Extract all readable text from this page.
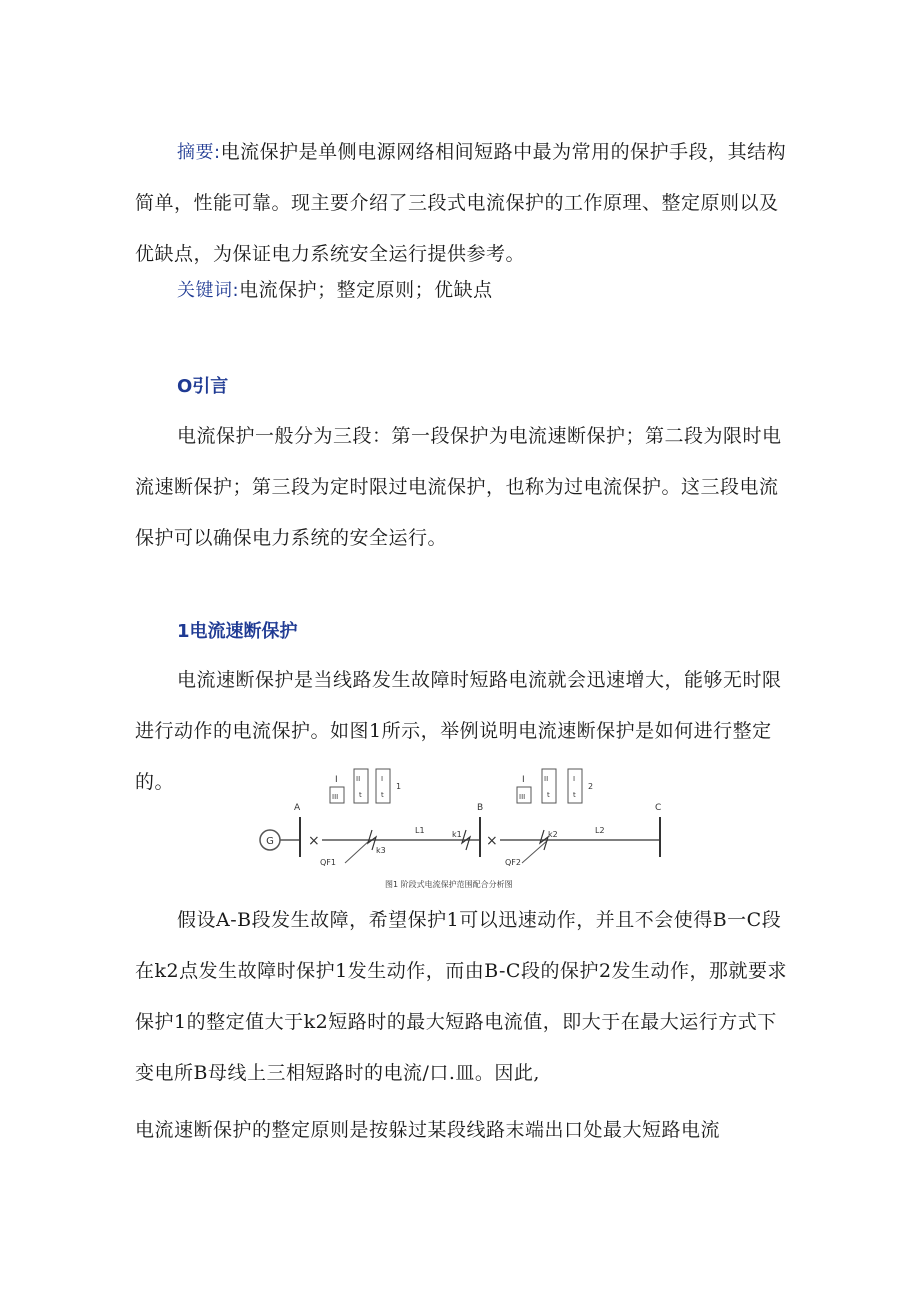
摘要:电流保护是单侧电源网络相间短路中最为常用的保护手段，其结构简单，性能可靠。现主要介绍了三段式电流保护的工作原理、整定原则以及优缺点，为保证电力系统安全运行提供参考。

关键词:电流保护；整定原则；优缺点

O引言

电流保护一般分为三段：第一段保护为电流速断保护；第二段为限时电流速断保护；第三段为定时限过电流保护，也称为过电流保护。这三段电流保护可以确保电力系统的安全运行。

1电流速断保护

电流速断保护是当线路发生故障时短路电流就会迅速增大，能够无时限进行动作的电流保护。如图1所示，举例说明电流速断保护是如何进行整定的。

G
A
×
L1
QF1
k3
k1
B
×
L2
QF2
k2
C
I
III
II
t
I
t
1
I
III
II
t
I
t
2
图1 阶段式电流保护范围配合分析图

假设A-B段发生故障，希望保护1可以迅速动作，并且不会使得B一C段在k2点发生故障时保护1发生动作，而由B-C段的保护2发生动作，那就要求保护1的整定值大于k2短路时的最大短路电流值，即大于在最大运行方式下变电所B母线上三相短路时的电流/口.皿。因此,

电流速断保护的整定原则是按躲过某段线路末端出口处最大短路电流
